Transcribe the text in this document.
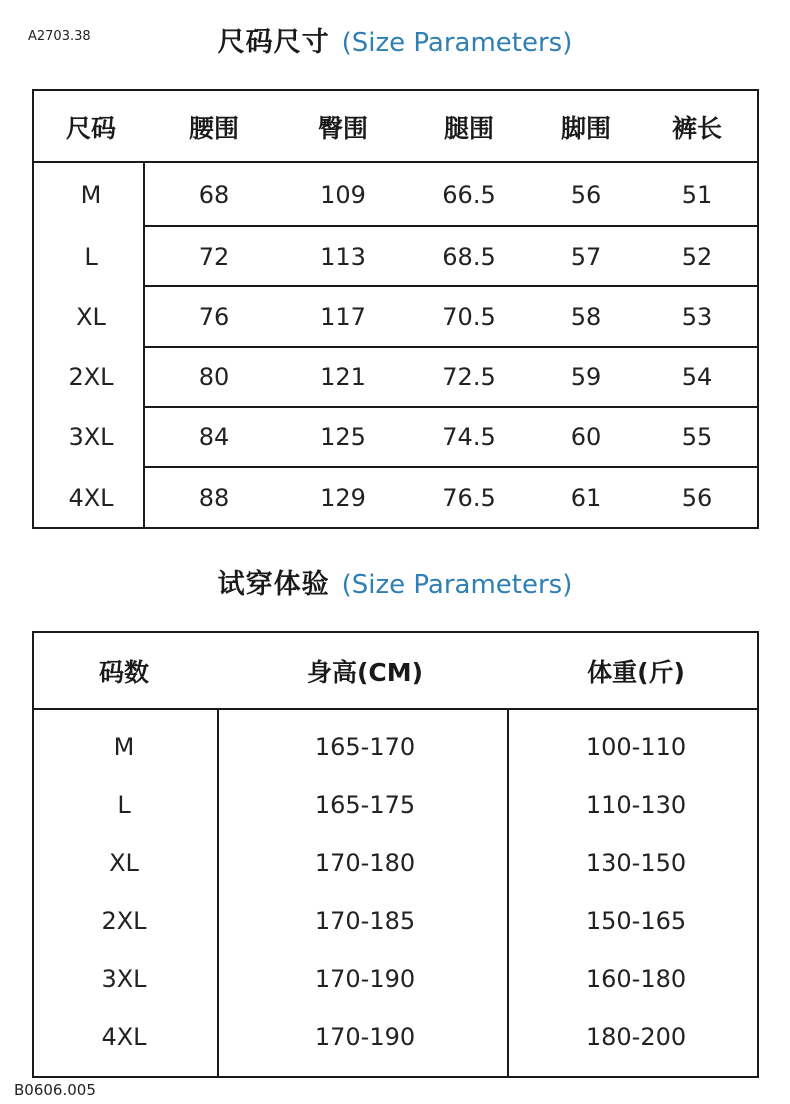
A2703.38	尺码尺寸 (Size Parameters)
尺码	腰围	臀围	腿围	脚围	裤长
M	68	109	66.5	56	51
L	72	113	68.5	57	52
XL	76	117	70.5	58	53
2XL	80	121	72.5	59	54
3XL	84	125	74.5	60	55
4XL	88	129	76.5	61	56
试穿体验 (Size Parameters)
码数	身高(CM)	体重(斤)
M	165-170	100-110
L	165-175	110-130
XL	170-180	130-150
2XL	170-185	150-165
3XL	170-190	160-180
4XL	170-190	180-200
B0606.005
